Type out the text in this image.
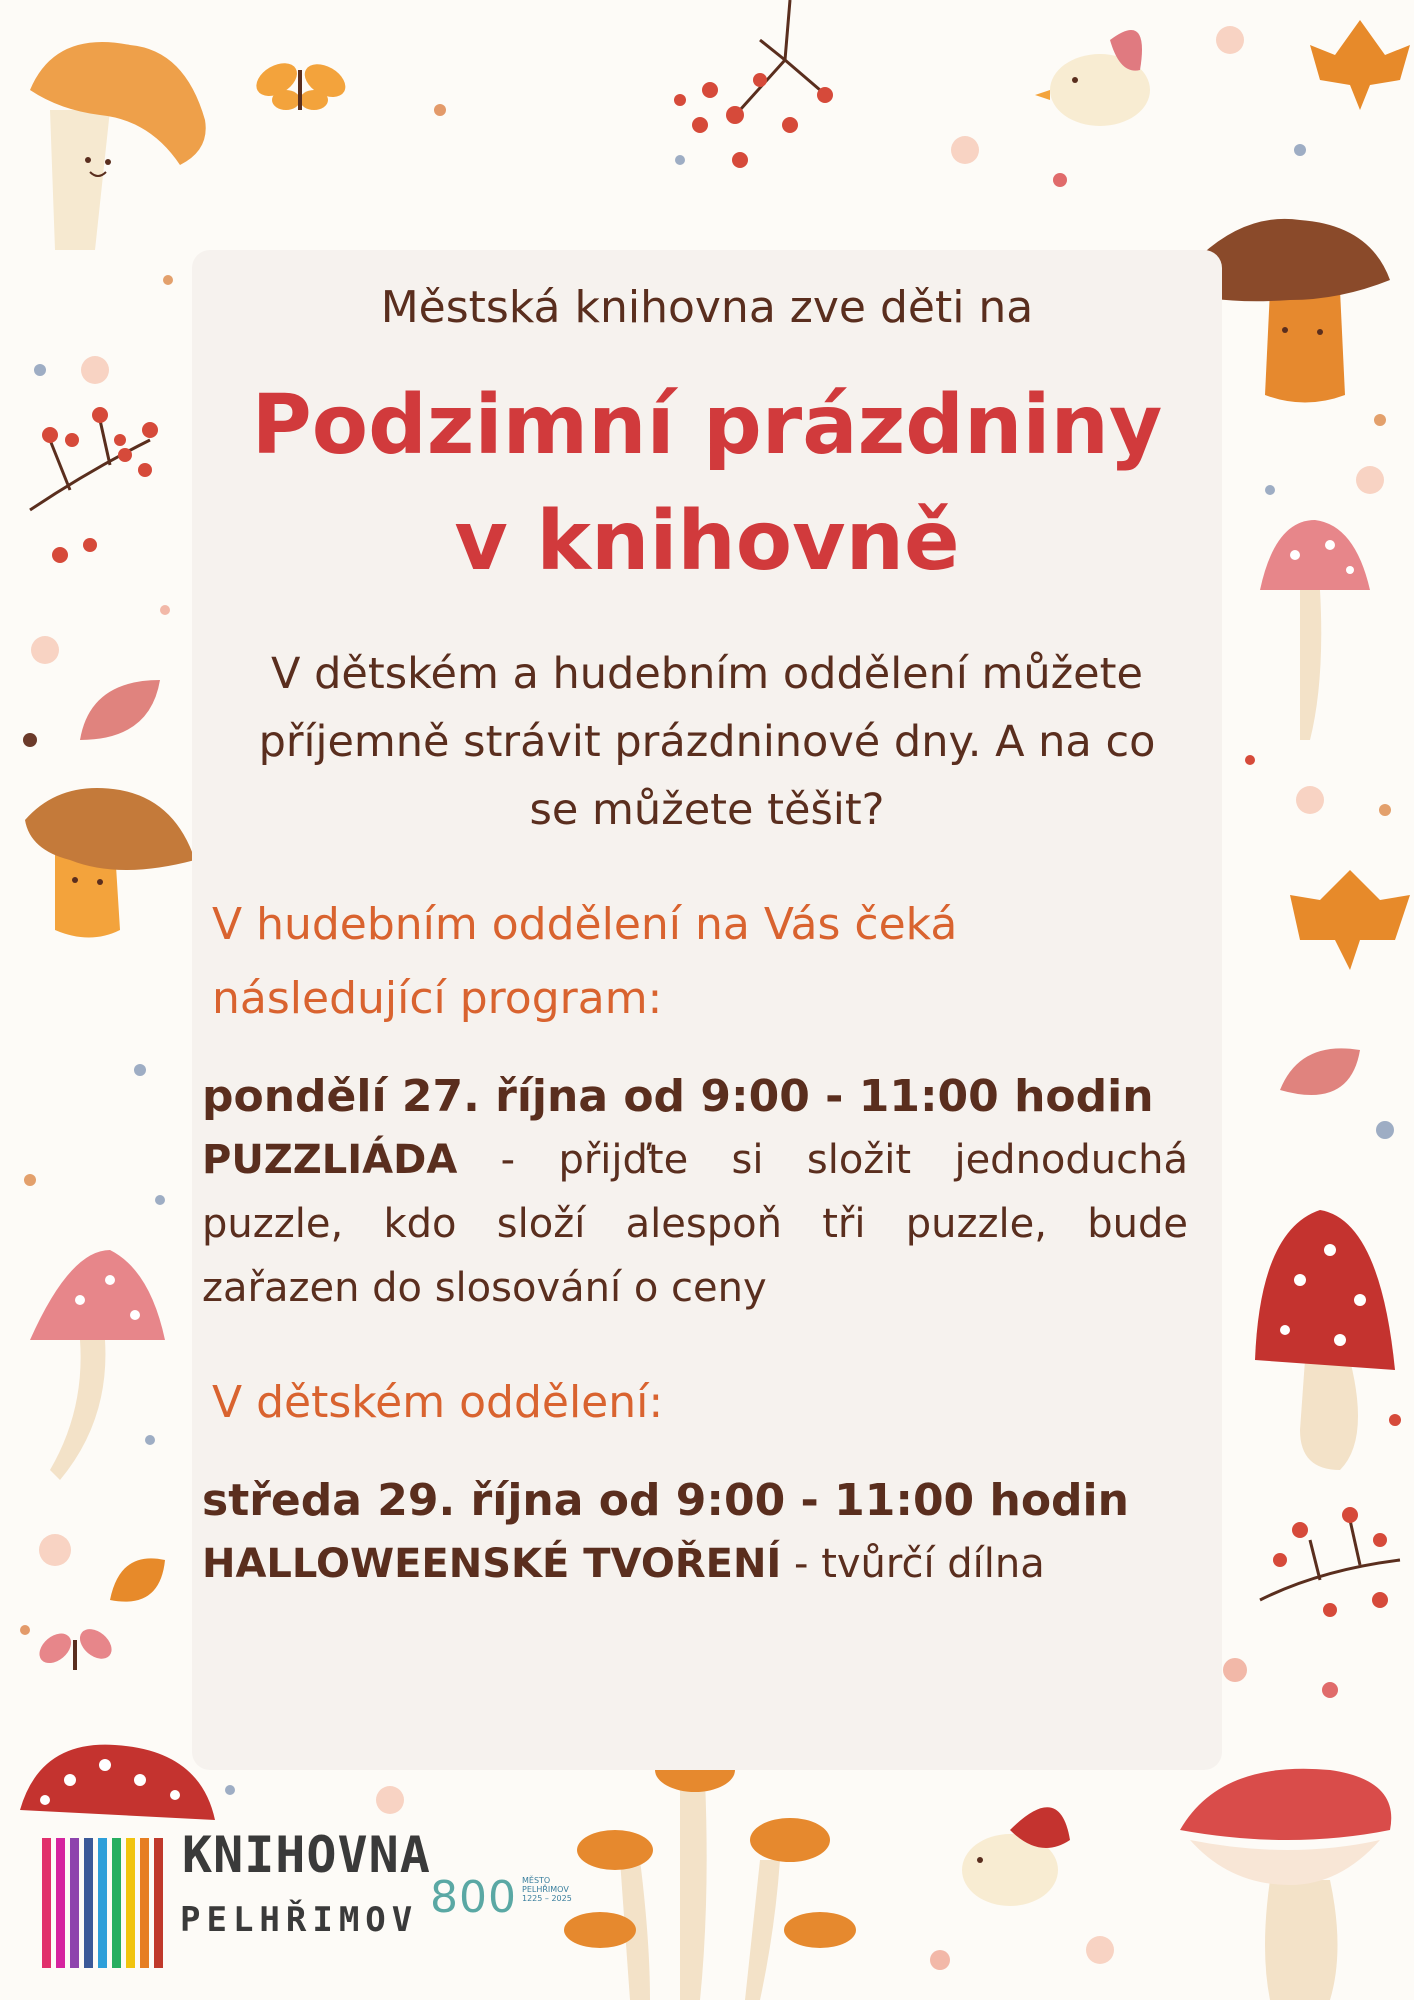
Městská knihovna zve děti na

Podzimní prázdniny
v knihovně

V dětském a hudebním oddělení můžete
příjemně strávit prázdninové dny. A na co
se můžete těšit?

V hudebním oddělení na Vás čeká
následující program:

pondělí 27. října od 9:00 - 11:00 hodin
PUZZLIÁDA - přijďte si složit jednoduchá puzzle, kdo složí alespoň tři puzzle, bude zařazen do slosování o ceny

V dětském oddělení:

středa 29. října od 9:00 - 11:00 hodin
HALLOWEENSKÉ TVOŘENÍ - tvůrčí dílna
KNIHOVNA
PELHŘIMOV 800 MĚSTO
PELHŘIMOV
1225 – 2025
